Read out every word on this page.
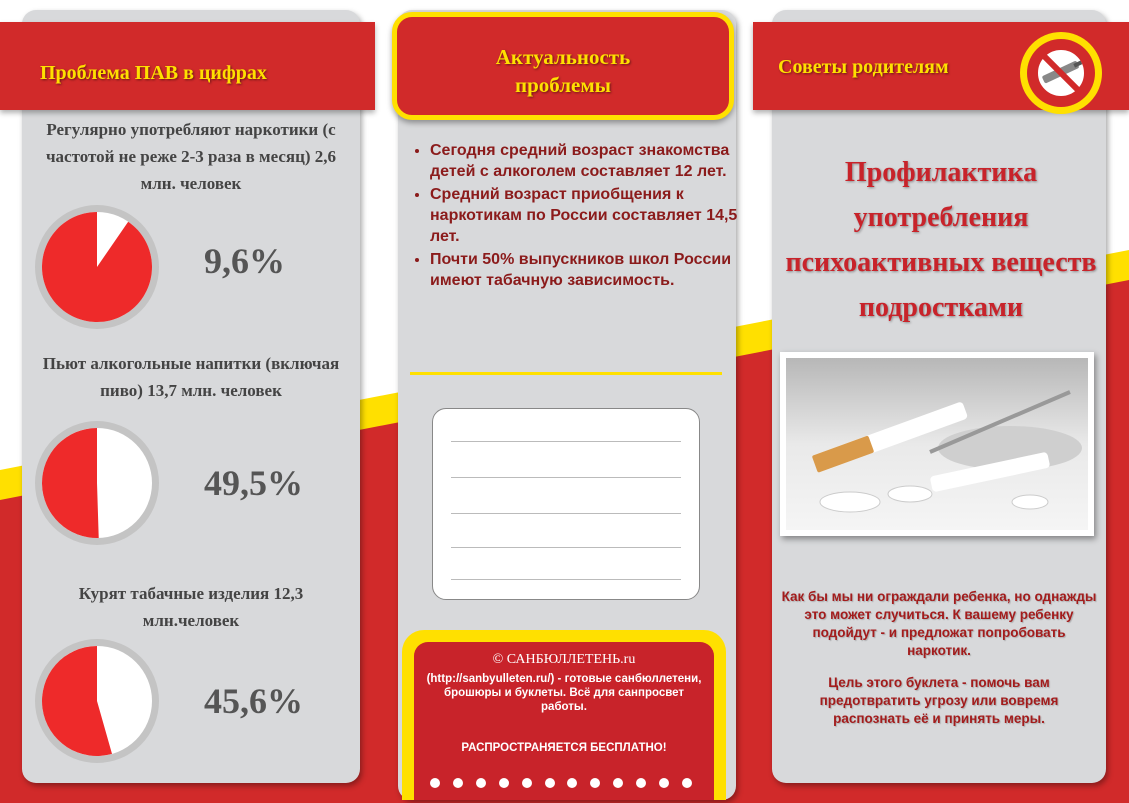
Проблема ПАВ в цифрах
Актуальность
проблемы
Советы родителям
Регулярно употребляют наркотики (с частотой не реже 2-3 раза в месяц) 2,6 млн. человек
9,6%
Пьют алкогольные напитки (включая пиво) 13,7 млн. человек
49,5%
Курят табачные изделия 12,3 млн.человек
45,6%
• Сегодня средний возраст знакомства детей с алкоголем составляет 12 лет.
• Средний возраст приобщения к наркотикам по России составляет 14,5 лет.
• Почти 50% выпускников школ России имеют табачную зависимость.
© САНБЮЛЛЕТЕНЬ.ru
(http://sanbyulleten.ru/) - готовые санбюллетени, брошюры и буклеты. Всё для санпросвет работы.
РАСПРОСТРАНЯЕТСЯ БЕСПЛАТНО!
Профилактика употребления психоактивных веществ подростками

Как бы мы ни ограждали ребенка, но однажды это может случиться. К вашему ребенку подойдут - и предложат попробовать наркотик.

Цель этого буклета - помочь вам предотвратить угрозу или вовремя распознать её и принять меры.
